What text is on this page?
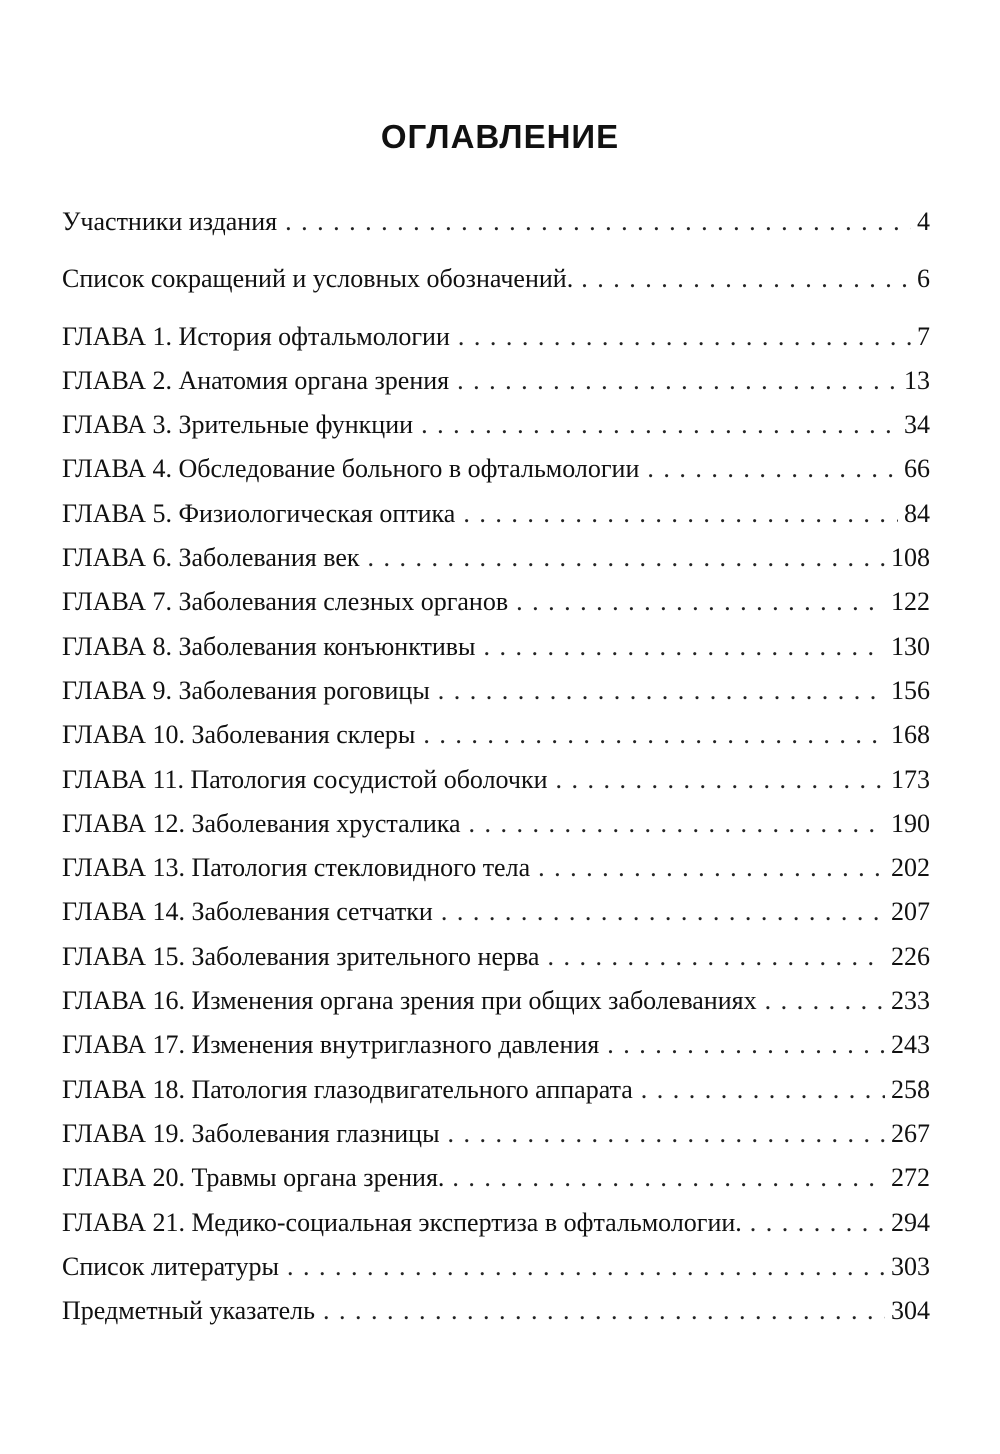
ОГЛАВЛЕНИЕ
Участники издания . . .	4
Список сокращений и условных обозначений. . . .	6
ГЛАВА 1. История офтальмологии . . .	7
ГЛАВА 2. Анатомия органа зрения . . .	13
ГЛАВА 3. Зрительные функции . . .	34
ГЛАВА 4. Обследование больного в офтальмологии . . .	66
ГЛАВА 5. Физиологическая оптика . . .	84
ГЛАВА 6. Заболевания век . . .	108
ГЛАВА 7. Заболевания слезных органов . . .	122
ГЛАВА 8. Заболевания конъюнктивы . . .	130
ГЛАВА 9. Заболевания роговицы . . .	156
ГЛАВА 10. Заболевания склеры . . .	168
ГЛАВА 11. Патология сосудистой оболочки . . .	173
ГЛАВА 12. Заболевания хрусталика . . .	190
ГЛАВА 13. Патология стекловидного тела . . .	202
ГЛАВА 14. Заболевания сетчатки . . .	207
ГЛАВА 15. Заболевания зрительного нерва . . .	226
ГЛАВА 16. Изменения органа зрения при общих заболеваниях . . .	233
ГЛАВА 17. Изменения внутриглазного давления . . .	243
ГЛАВА 18. Патология глазодвигательного аппарата . . .	258
ГЛАВА 19. Заболевания глазницы . . .	267
ГЛАВА 20. Травмы органа зрения. . . .	272
ГЛАВА 21. Медико-социальная экспертиза в офтальмологии. . . .	294
Список литературы . . .	303
Предметный указатель . . .	304
